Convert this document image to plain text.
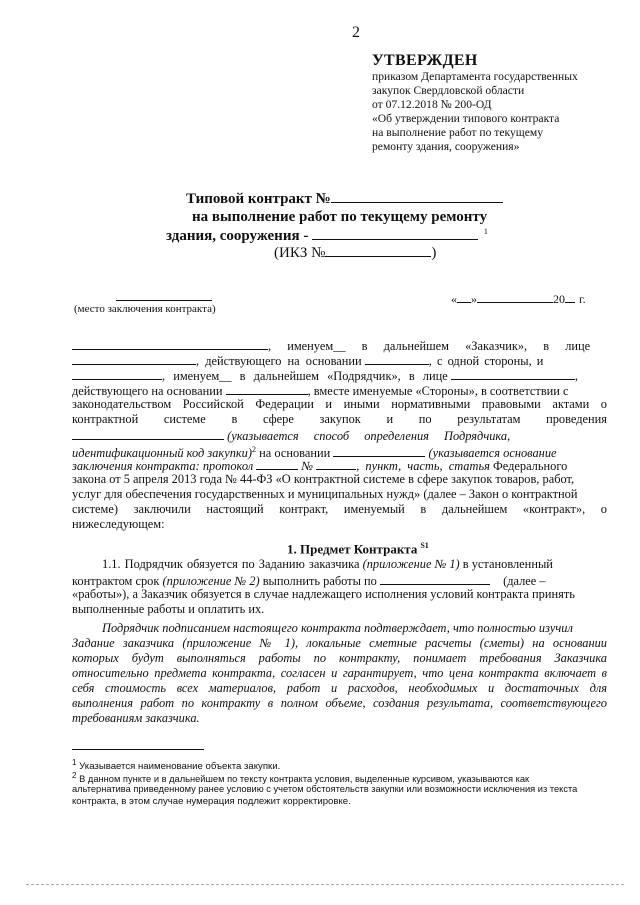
2
УТВЕРЖДЕН
приказом Департамента государственных
закупок Свердловской области
от 07.12.2018 № 200-ОД
«Об утверждении типового контракта
на выполнение работ по текущему
ремонту здания, сооружения»
Типовой контракт №
на выполнение работ по текущему ремонту
здания, сооружения -	$^1$
(ИКЗ №	)
(место заключения контракта)
« »	20 г.
, именуем__ в дальнейшем «Заказчик», в лице
, действующего на основании	, с одной стороны, и
, именуем__ в дальнейшем «Подрядчик», в лице	,
действующего на основании	, вместе именуемые «Стороны», в соответствии с
законодательством Российской Федерации и иными нормативными правовыми актами о
контрактной системе в сфере закупок и по результатам проведения
(указывается способ определения Подрядчика,
идентификационный код закупки)$^2$ на основании	(указывается основание
заключения контракта: протокол	№	, пункт, часть, статья Федерального
закона от 5 апреля 2013 года № 44-ФЗ «О контрактной системе в сфере закупок товаров, работ,
услуг для обеспечения государственных и муниципальных нужд» (далее – Закон о контрактной
системе) заключили настоящий контракт, именуемый в дальнейшем «контракт», о
нижеследующем:
1. Предмет Контракта $^{S1}$
1.1. Подрядчик обязуется по Заданию заказчика (приложение № 1) в установленный
контрактом срок (приложение № 2) выполнить работы по	(далее –
«работы»), а Заказчик обязуется в случае надлежащего исполнения условий контракта принять
выполненные работы и оплатить их.
Подрядчик подписанием настоящего контракта подтверждает, что полностью изучил
Задание заказчика (приложение № 1), локальные сметные расчеты (сметы) на основании
которых будут выполняться работы по контракту, понимает требования Заказчика
относительно предмета контракта, согласен и гарантирует, что цена контракта включает в
себя стоимость всех материалов, работ и расходов, необходимых и достаточных для
выполнения работ по контракту в полном объеме, создания результата, соответствующего
требованиям заказчика.
$^1$ Указывается наименование объекта закупки.
$^2$ В данном пункте и в дальнейшем по тексту контракта условия, выделенные курсивом, указываются как
альтернатива приведенному ранее условию с учетом обстоятельств закупки или возможности исключения из текста
контракта, в этом случае нумерация подлежит корректировке.
